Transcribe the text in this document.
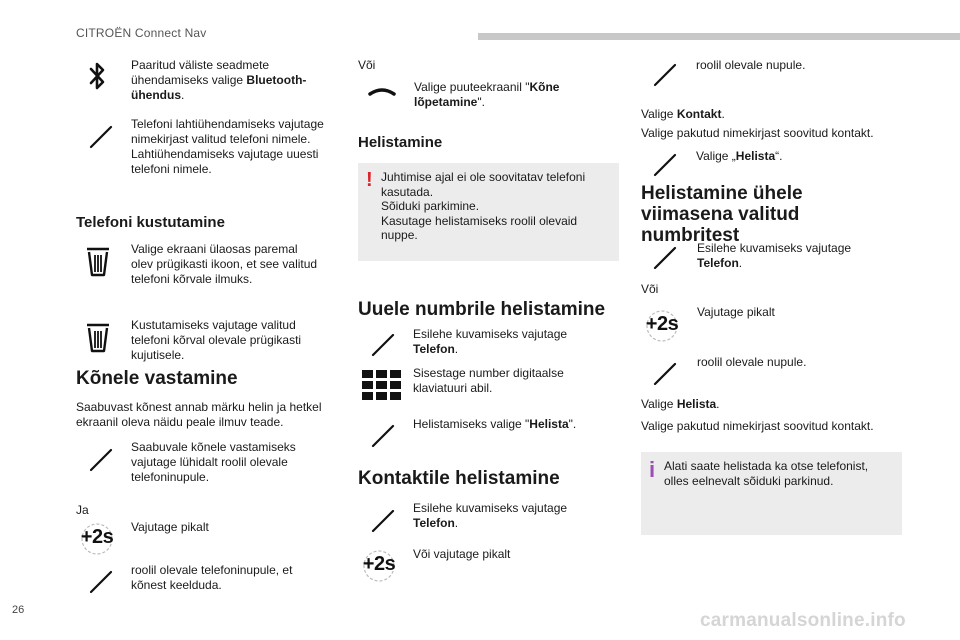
CITROËN Connect Nav
Paaritud väliste seadmete ühendamiseks valige Bluetooth-ühendus.
Telefoni lahtiühendamiseks vajutage nimekirjast valitud telefoni nimele. Lahtiühendamiseks vajutage uuesti telefoni nimele.
Telefoni kustutamine
Valige ekraani ülaosas paremal olev prügikasti ikoon, et see valitud telefoni kõrvale ilmuks.
Kustutamiseks vajutage valitud telefoni kõrval olevale prügikasti kujutisele.
Kõnele vastamine
Saabuvast kõnest annab märku helin ja hetkel ekraanil oleva näidu peale ilmuv teade.
Saabuvale kõnele vastamiseks vajutage lühidalt roolil olevale telefoninupule.
Ja
+2s	Vajutage pikalt
roolil olevale telefoninupule, et kõnest keelduda.
Või
Valige puuteekraanil "Kõne lõpetamine".
Helistamine
! Juhtimise ajal ei ole soovitatav telefoni kasutada.
Sõiduki parkimine.
Kasutage helistamiseks roolil olevaid nuppe.
Uuele numbrile helistamine
Esilehe kuvamiseks vajutage Telefon.
Sisestage number digitaalse klaviatuuri abil.
Helistamiseks valige "Helista".
Kontaktile helistamine
Esilehe kuvamiseks vajutage Telefon.
+2s	Või vajutage pikalt
roolil olevale nupule.
Valige Kontakt.
Valige pakutud nimekirjast soovitud kontakt.
Valige „Helista“.
Helistamine ühele viimasena valitud numbritest
Esilehe kuvamiseks vajutage Telefon.
Või
+2s
Vajutage pikalt
roolil olevale nupule.
Valige Helista.
Valige pakutud nimekirjast soovitud kontakt.
i Alati saate helistada ka otse telefonist, olles eelnevalt sõiduki parkinud.
26	carmanualsonline.info
